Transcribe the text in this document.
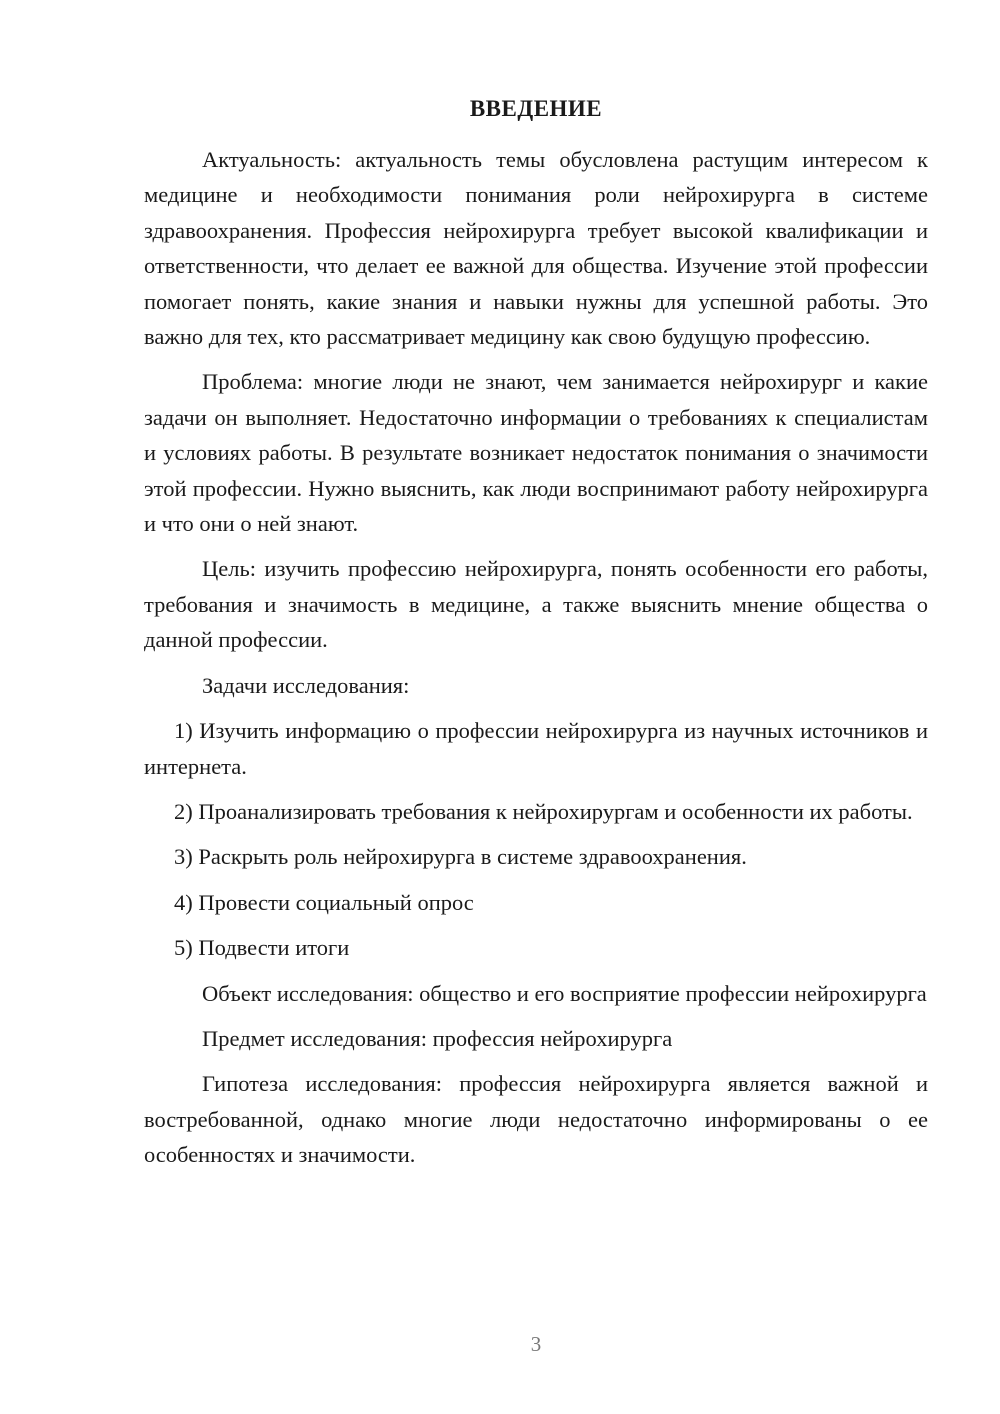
ВВЕДЕНИЕ

Актуальность: актуальность темы обусловлена растущим интересом к медицине и необходимости понимания роли нейрохирурга в системе здравоохранения. Профессия нейрохирурга требует высокой квалификации и ответственности, что делает ее важной для общества. Изучение этой профессии помогает понять, какие знания и навыки нужны для успешной работы. Это важно для тех, кто рассматривает медицину как свою будущую профессию.

Проблема: многие люди не знают, чем занимается нейрохирург и какие задачи он выполняет. Недостаточно информации о требованиях к специалистам и условиях работы. В результате возникает недостаток понимания о значимости этой профессии. Нужно выяснить, как люди воспринимают работу нейрохирурга и что они о ней знают.

Цель: изучить профессию нейрохирурга, понять особенности его работы, требования и значимость в медицине, а также выяснить мнение общества о данной профессии.

Задачи исследования:

1) Изучить информацию о профессии нейрохирурга из научных источников и интернета.

2) Проанализировать требования к нейрохирургам и особенности их работы.

3) Раскрыть роль нейрохирурга в системе здравоохранения.

4) Провести социальный опрос

5) Подвести итоги

Объект исследования: общество и его восприятие профессии нейрохирурга

Предмет исследования: профессия нейрохирурга

Гипотеза исследования: профессия нейрохирурга является важной и востребованной, однако многие люди недостаточно информированы о ее особенностях и значимости.

3
